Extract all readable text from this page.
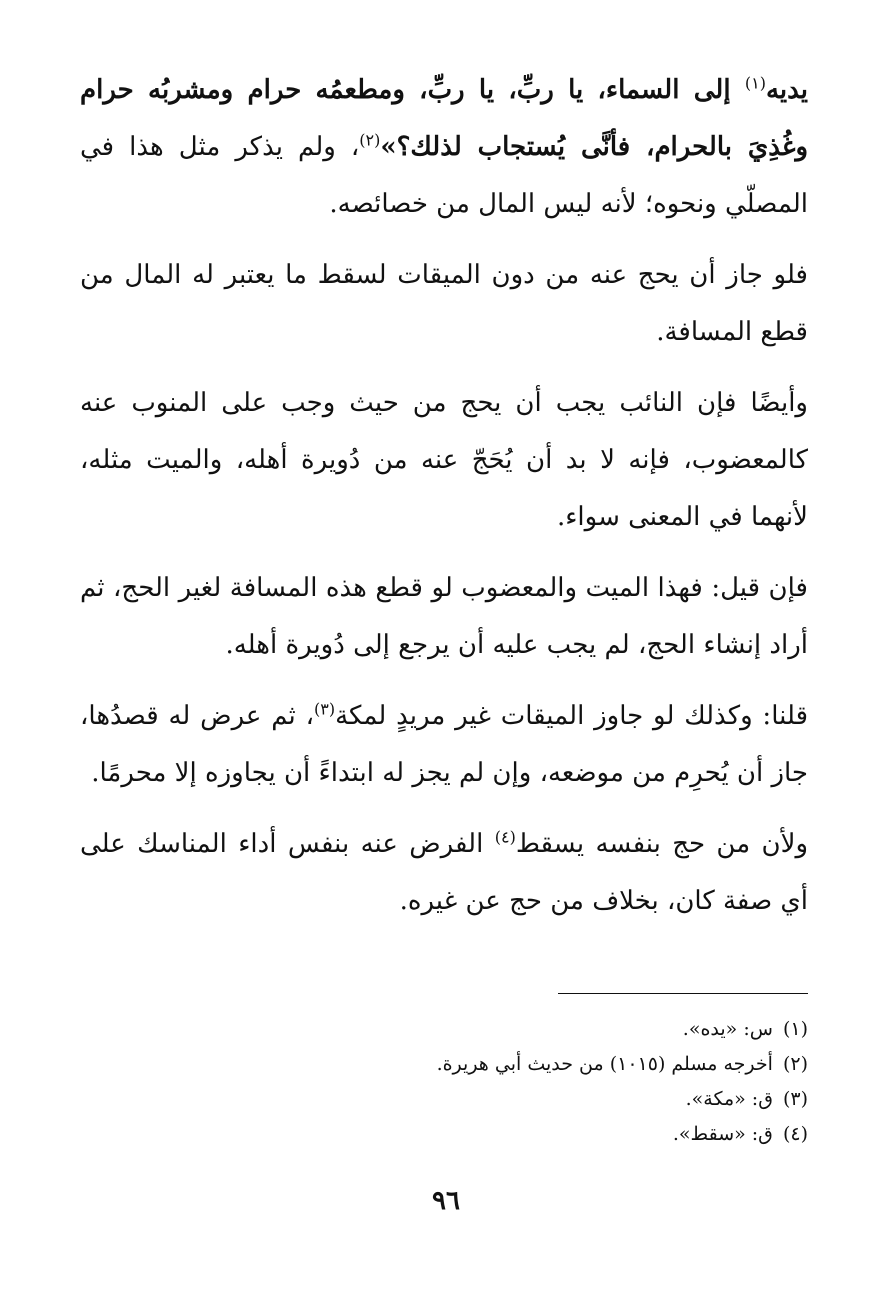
يديه$^{(١)}$ إلى السماء، يا ربِّ، يا ربِّ، ومطعمُه حرام ومشربُه حرام وغُذِيَ بالحرام، فأنَّى يُستجاب لذلك؟»$^{(٢)}$، ولم يذكر مثل هذا في المصلّي ونحوه؛ لأنه ليس المال من خصائصه.

فلو جاز أن يحج عنه من دون الميقات لسقط ما يعتبر له المال من قطع المسافة.

وأيضًا فإن النائب يجب أن يحج من حيث وجب على المنوب عنه كالمعضوب، فإنه لا بد أن يُحَجّ عنه من دُويرة أهله، والميت مثله، لأنهما في المعنى سواء.

فإن قيل: فهذا الميت والمعضوب لو قطع هذه المسافة لغير الحج، ثم أراد إنشاء الحج، لم يجب عليه أن يرجع إلى دُويرة أهله.

قلنا: وكذلك لو جاوز الميقات غير مريدٍ لمكة$^{(٣)}$، ثم عرض له قصدُها، جاز أن يُحرِم من موضعه، وإن لم يجز له ابتداءً أن يجاوزه إلا محرمًا.

ولأن من حج بنفسه يسقط$^{(٤)}$ الفرض عنه بنفس أداء المناسك على أي صفة كان، بخلاف من حج عن غيره.

(١)
س: «يده».
(٢)
أخرجه مسلم (١٠١٥) من حديث أبي هريرة.
(٣)
ق: «مكة».
(٤)
ق: «سقط».
٩٦
